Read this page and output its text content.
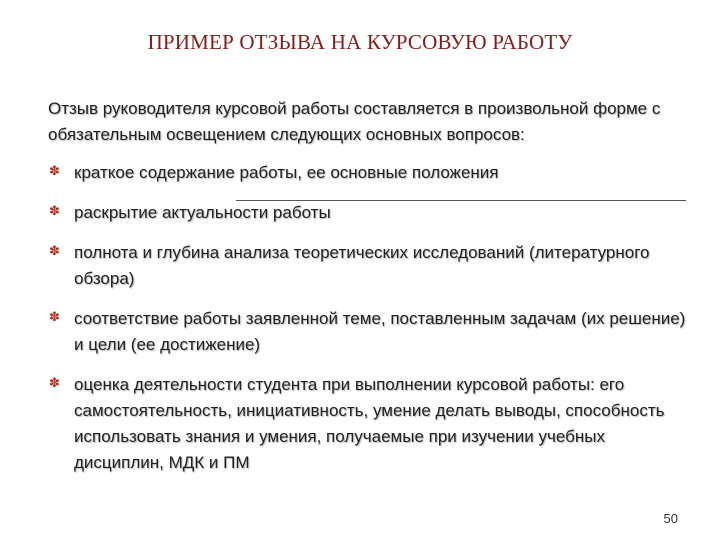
ПРИМЕР ОТЗЫВА НА КУРСОВУЮ РАБОТУ

Отзыв руководителя курсовой работы составляется в произвольной форме с обязательным освещением следующих основных вопросов:

✽ краткое содержание работы, ее основные положения
✽ раскрытие актуальности работы
✽ полнота и глубина анализа теоретических исследований (литературного обзора)
✽ соответствие работы заявленной теме, поставленным задачам (их решение) и цели (ее достижение)
✽ оценка деятельности студента при выполнении курсовой работы: его самостоятельность, инициативность, умение делать выводы, способность использовать знания и умения, получаемые при изучении учебных дисциплин, МДК и ПМ
50
